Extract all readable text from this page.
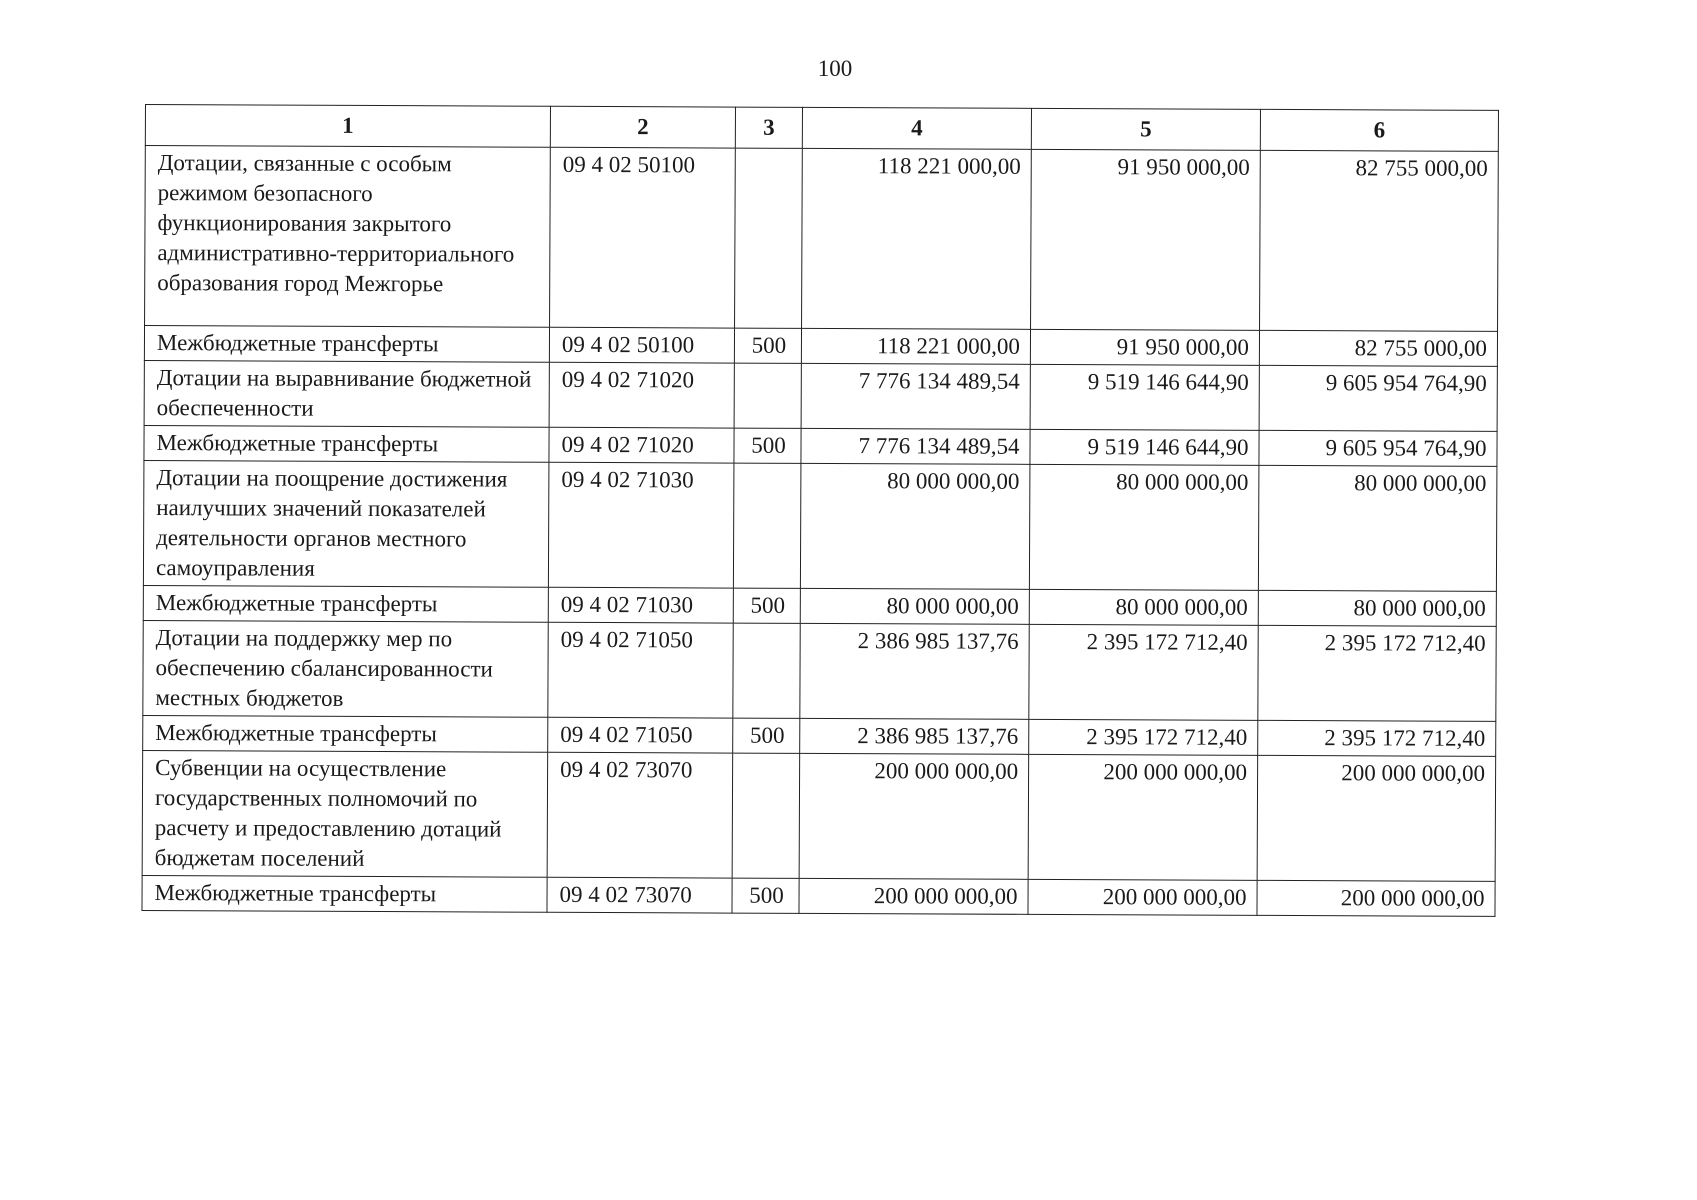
100
1	2	3	4	5	6
Дотации, связанные с особым режимом безопасного функционирования закрытого административно-территориального образования город Межгорье	09 4 02 50100		118 221 000,00	91 950 000,00	82 755 000,00
Межбюджетные трансферты	09 4 02 50100	500	118 221 000,00	91 950 000,00	82 755 000,00
Дотации на выравнивание бюджетной обеспеченности	09 4 02 71020		7 776 134 489,54	9 519 146 644,90	9 605 954 764,90
Межбюджетные трансферты	09 4 02 71020	500	7 776 134 489,54	9 519 146 644,90	9 605 954 764,90
Дотации на поощрение достижения наилучших значений показателей деятельности органов местного самоуправления	09 4 02 71030		80 000 000,00	80 000 000,00	80 000 000,00
Межбюджетные трансферты	09 4 02 71030	500	80 000 000,00	80 000 000,00	80 000 000,00
Дотации на поддержку мер по обеспечению сбалансированности местных бюджетов	09 4 02 71050		2 386 985 137,76	2 395 172 712,40	2 395 172 712,40
Межбюджетные трансферты	09 4 02 71050	500	2 386 985 137,76	2 395 172 712,40	2 395 172 712,40
Субвенции на осуществление государственных полномочий по расчету и предоставлению дотаций бюджетам поселений	09 4 02 73070		200 000 000,00	200 000 000,00	200 000 000,00
Межбюджетные трансферты	09 4 02 73070	500	200 000 000,00	200 000 000,00	200 000 000,00
